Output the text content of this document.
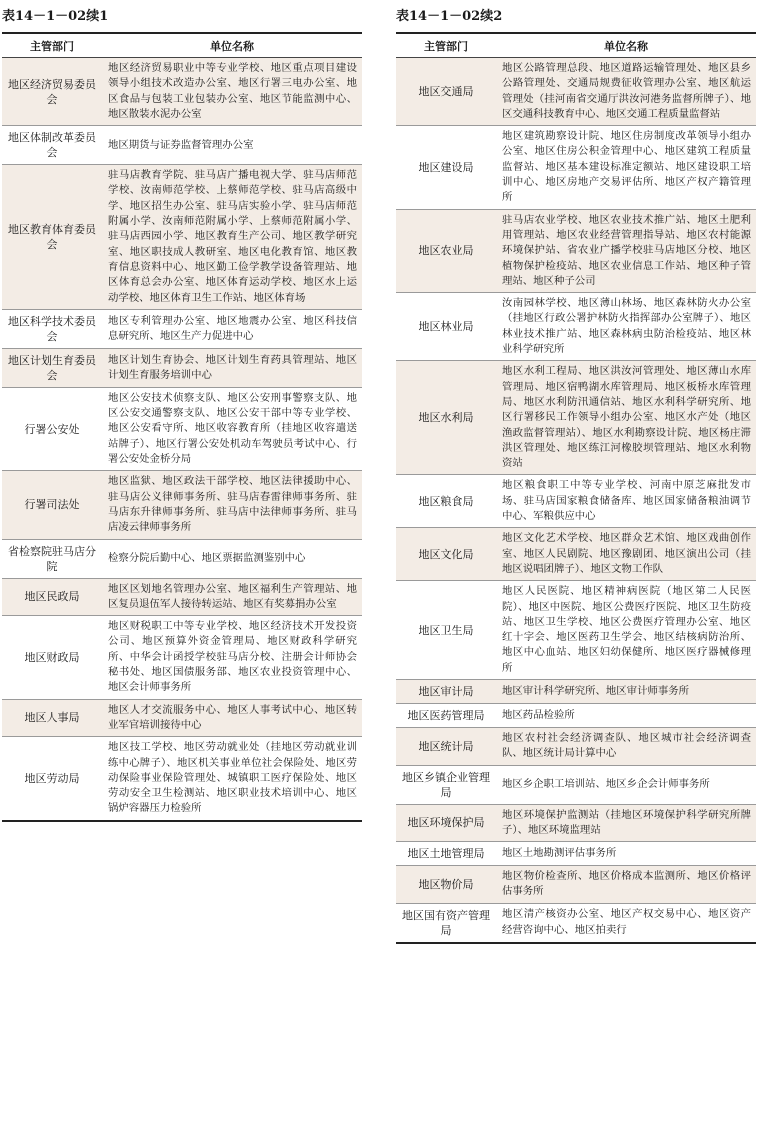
表14－1－02续1
主管部门	单位名称
地区经济贸易委员会	地区经济贸易职业中等专业学校、地区重点项目建设领导小组技术改造办公室、地区行署三电办公室、地区食品与包装工业包装办公室、地区节能监测中心、地区散装水泥办公室
地区体制改革委员会	地区期货与证券监督管理办公室
地区教育体育委员会	驻马店教育学院、驻马店广播电视大学、驻马店师范学校、汝南师范学校、上蔡师范学校、驻马店高级中学、地区招生办公室、驻马店实验小学、驻马店师范附属小学、汝南师范附属小学、上蔡师范附属小学、驻马店西园小学、地区教育生产公司、地区教学研究室、地区职技成人教研室、地区电化教育馆、地区教育信息资料中心、地区勤工俭学教学设备管理站、地区体育总会办公室、地区体育运动学校、地区水上运动学校、地区体育卫生工作站、地区体育场
地区科学技术委员会	地区专利管理办公室、地区地震办公室、地区科技信息研究所、地区生产力促进中心
地区计划生育委员会	地区计划生育协会、地区计划生育药具管理站、地区计划生育服务培训中心
行署公安处	地区公安技术侦察支队、地区公安刑事警察支队、地区公安交通警察支队、地区公安干部中等专业学校、地区公安看守所、地区收容教育所（挂地区收容遣送站牌子）、地区行署公安处机动车驾驶员考试中心、行署公安处金桥分局
行署司法处	地区监狱、地区政法干部学校、地区法律援助中心、驻马店公义律师事务所、驻马店春雷律师事务所、驻马店东升律师事务所、驻马店中法律师事务所、驻马店凌云律师事务所
省检察院驻马店分院	检察分院后勤中心、地区票据监测鉴别中心
地区民政局	地区区划地名管理办公室、地区福利生产管理站、地区复员退伍军人接待转运站、地区有奖募捐办公室
地区财政局	地区财税职工中等专业学校、地区经济技术开发投资公司、地区预算外资金管理局、地区财政科学研究所、中华会计函授学校驻马店分校、注册会计师协会秘书处、地区国债服务部、地区农业投资管理中心、地区会计师事务所
地区人事局	地区人才交流服务中心、地区人事考试中心、地区转业军官培训接待中心
地区劳动局	地区技工学校、地区劳动就业处（挂地区劳动就业训练中心牌子）、地区机关事业单位社会保险处、地区劳动保险事业保险管理处、城镇职工医疗保险处、地区劳动安全卫生检测站、地区职业技术培训中心、地区锅炉容器压力检验所
表14－1－02续2
主管部门	单位名称
地区交通局	地区公路管理总段、地区道路运输管理处、地区县乡公路管理处、交通局规费征收管理办公室、地区航运管理处（挂河南省交通厅洪汝河港务监督所牌子）、地区交通科技教育中心、地区交通工程质量监督站
地区建设局	地区建筑勘察设计院、地区住房制度改革领导小组办公室、地区住房公积金管理中心、地区建筑工程质量监督站、地区基本建设标准定额站、地区建设职工培训中心、地区房地产交易评估所、地区产权产籍管理所
地区农业局	驻马店农业学校、地区农业技术推广站、地区土肥利用管理站、地区农业经营管理指导站、地区农村能源环境保护站、省农业广播学校驻马店地区分校、地区植物保护检疫站、地区农业信息工作站、地区种子管理站、地区种子公司
地区林业局	汝南园林学校、地区薄山林场、地区森林防火办公室（挂地区行政公署护林防火指挥部办公室牌子）、地区林业技术推广站、地区森林病虫防治检疫站、地区林业科学研究所
地区水利局	地区水利工程局、地区洪汝河管理处、地区薄山水库管理局、地区宿鸭湖水库管理局、地区板桥水库管理局、地区水利防汛通信站、地区水利科学研究所、地区行署移民工作领导小组办公室、地区水产处（地区渔政监督管理站）、地区水利勘察设计院、地区杨庄滞洪区管理处、地区练江河橡胶坝管理站、地区水利物资站
地区粮食局	地区粮食职工中等专业学校、河南中原芝麻批发市场、驻马店国家粮食储备库、地区国家储备粮油调节中心、军粮供应中心
地区文化局	地区文化艺术学校、地区群众艺术馆、地区戏曲创作室、地区人民剧院、地区豫剧团、地区演出公司（挂地区说唱团牌子）、地区文物工作队
地区卫生局	地区人民医院、地区精神病医院（地区第二人民医院）、地区中医院、地区公费医疗医院、地区卫生防疫站、地区卫生学校、地区公费医疗管理办公室、地区红十字会、地区医药卫生学会、地区结核病防治所、地区中心血站、地区妇幼保健所、地区医疗器械修理所
地区审计局	地区审计科学研究所、地区审计师事务所
地区医药管理局	地区药品检验所
地区统计局	地区农村社会经济调查队、地区城市社会经济调查队、地区统计局计算中心
地区乡镇企业管理局	地区乡企职工培训站、地区乡企会计师事务所
地区环境保护局	地区环境保护监测站（挂地区环境保护科学研究所牌子）、地区环境监理站
地区土地管理局	地区土地勘测评估事务所
地区物价局	地区物价检查所、地区价格成本监测所、地区价格评估事务所
地区国有资产管理局	地区清产核资办公室、地区产权交易中心、地区资产经营咨询中心、地区拍卖行
